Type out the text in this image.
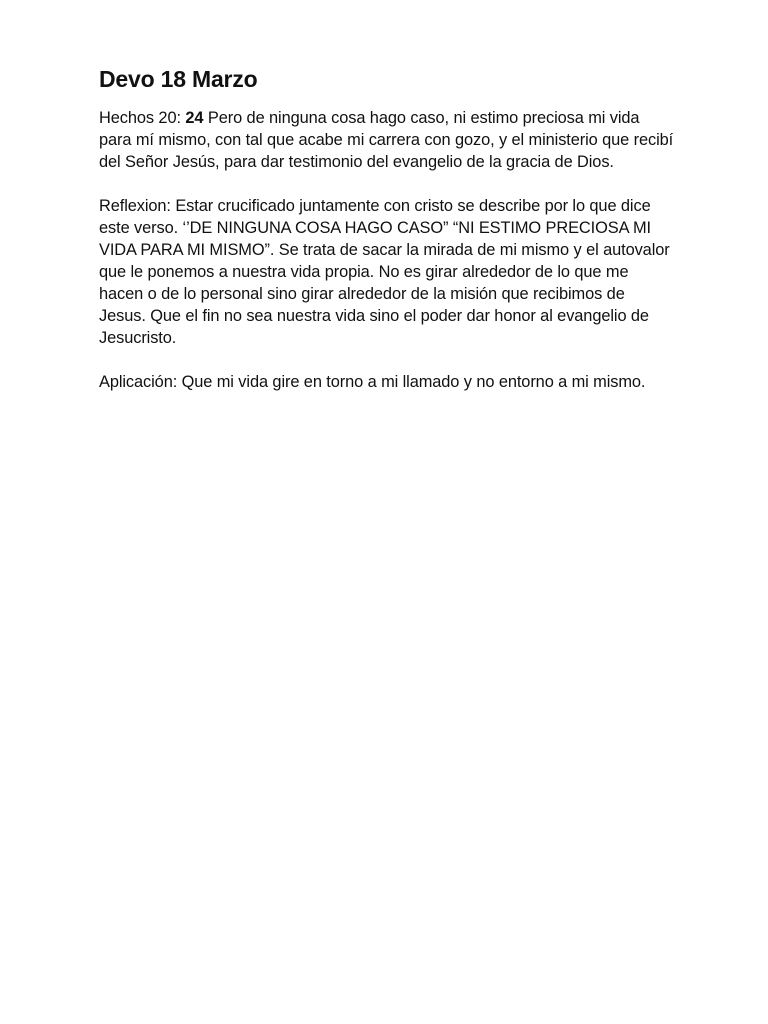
Devo 18 Marzo

Hechos 20: 24 Pero de ninguna cosa hago caso, ni estimo preciosa mi vida para mí mismo, con tal que acabe mi carrera con gozo, y el ministerio que recibí del Señor Jesús, para dar testimonio del evangelio de la gracia de Dios.

Reflexion: Estar crucificado juntamente con cristo se describe por lo que dice este verso. ‘’DE NINGUNA COSA HAGO CASO” “NI ESTIMO PRECIOSA MI VIDA PARA MI MISMO”. Se trata de sacar la mirada de mi mismo y el autovalor que le ponemos a nuestra vida propia. No es girar alrededor de lo que me hacen o de lo personal sino girar alrededor de la misión que recibimos de Jesus. Que el fin no sea nuestra vida sino el poder dar honor al evangelio de Jesucristo.

Aplicación: Que mi vida gire en torno a mi llamado y no entorno a mi mismo.
